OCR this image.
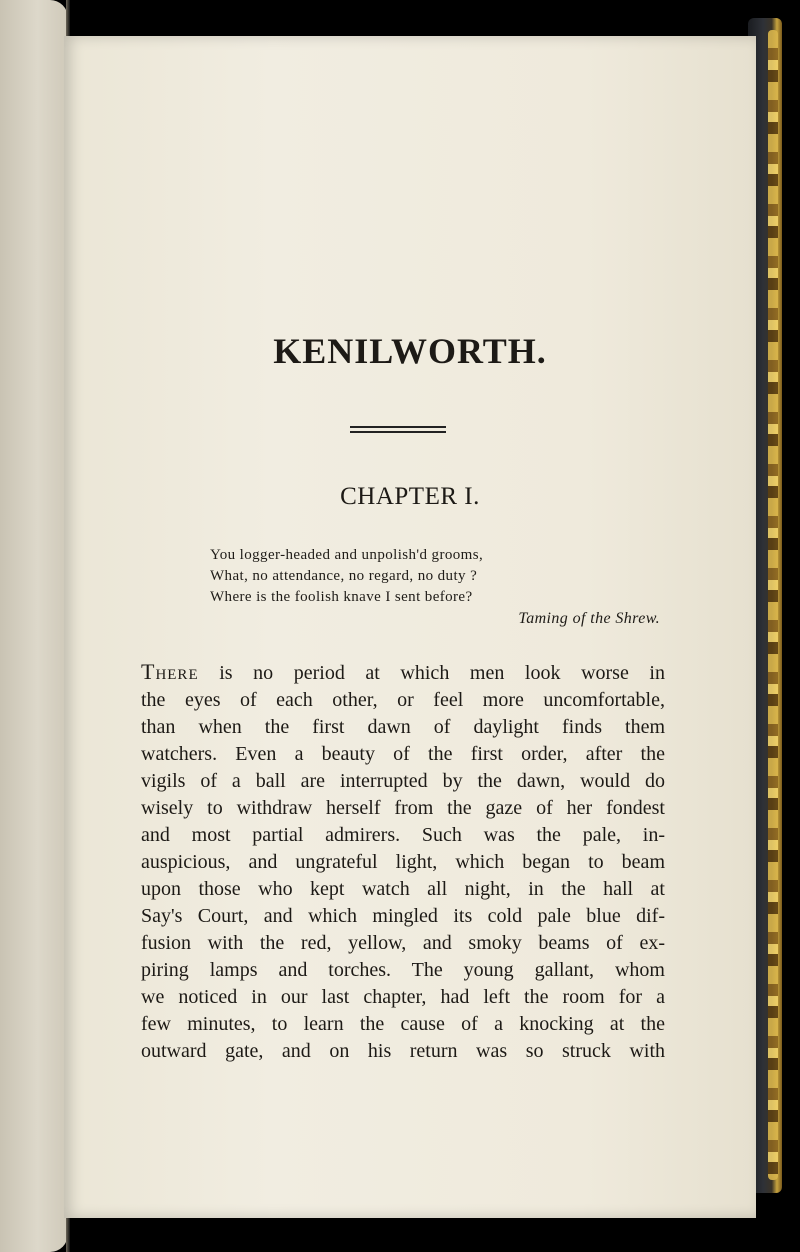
KENILWORTH.
CHAPTER I.
You logger-headed and unpolish'd grooms,
What, no attendance, no regard, no duty ?
Where is the foolish knave I sent before?
Taming of the Shrew.
There is no period at which men look worse in
the eyes of each other, or feel more uncomfortable,
than when the first dawn of daylight finds them
watchers. Even a beauty of the first order, after the
vigils of a ball are interrupted by the dawn, would do
wisely to withdraw herself from the gaze of her fondest
and most partial admirers. Such was the pale, in-
auspicious, and ungrateful light, which began to beam
upon those who kept watch all night, in the hall at
Say's Court, and which mingled its cold pale blue dif-
fusion with the red, yellow, and smoky beams of ex-
piring lamps and torches. The young gallant, whom
we noticed in our last chapter, had left the room for a
few minutes, to learn the cause of a knocking at the
outward gate, and on his return was so struck with
